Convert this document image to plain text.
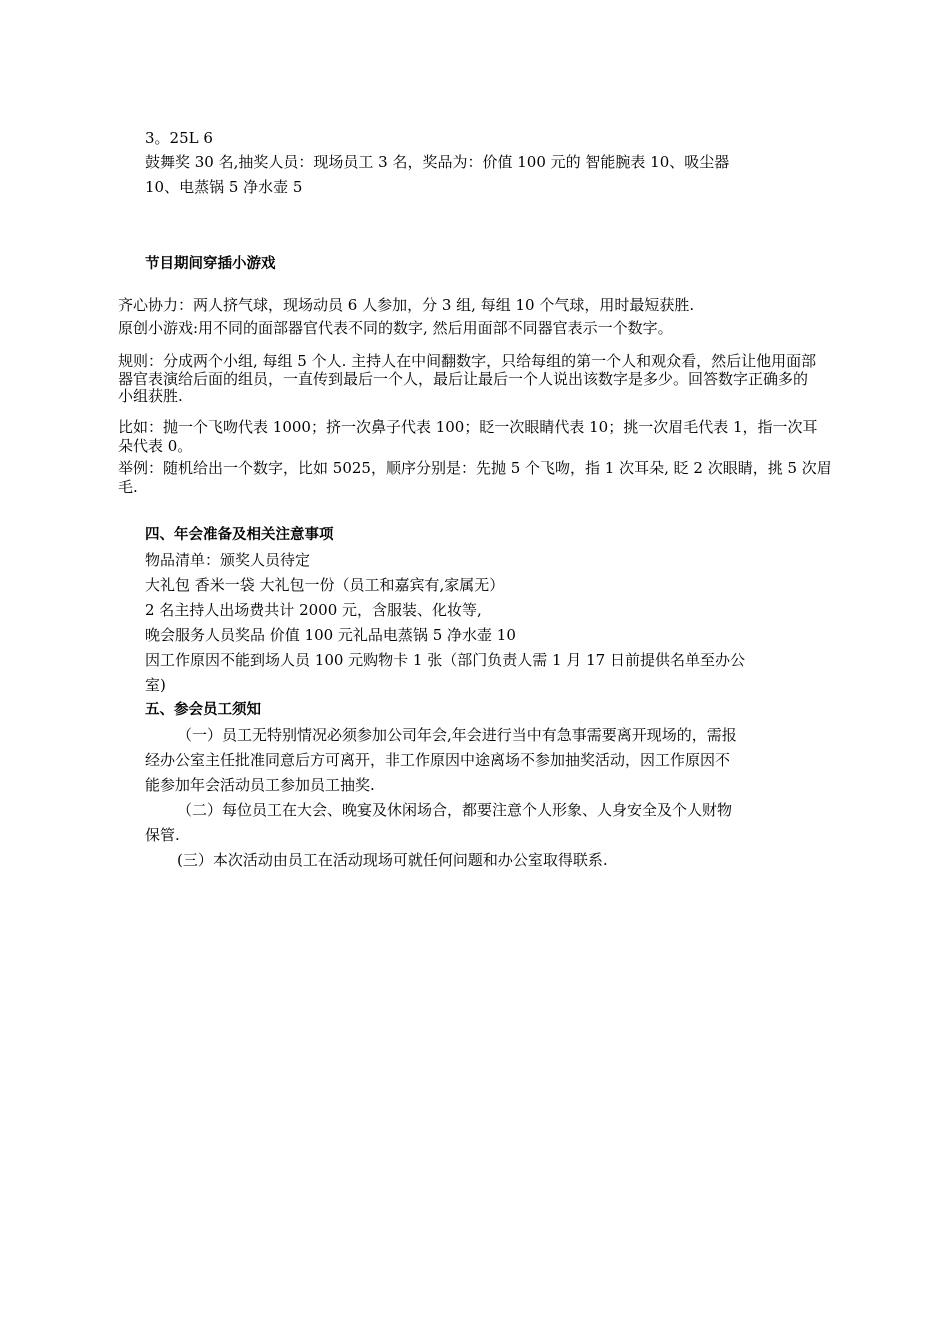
3。25L 6
鼓舞奖 30 名,抽奖人员：现场员工 3 名，奖品为：价值 100 元的 智能腕表 10、吸尘器
10、电蒸锅 5 净水壶 5
节目期间穿插小游戏
齐心协力：两人挤气球，现场动员 6 人参加，分 3 组, 每组 10 个气球，用时最短获胜.
原创小游戏:用不同的面部器官代表不同的数字, 然后用面部不同器官表示一个数字。
规则：分成两个小组, 每组 5 个人. 主持人在中间翻数字，只给每组的第一个人和观众看，然后让他用面部
器官表演给后面的组员，一直传到最后一个人，最后让最后一个人说出该数字是多少。回答数字正确多的
小组获胜.
比如：抛一个飞吻代表 1000；挤一次鼻子代表 100；眨一次眼睛代表 10；挑一次眉毛代表 1，指一次耳
朵代表 0。
举例：随机给出一个数字，比如 5025，顺序分别是：先抛 5 个飞吻，指 1 次耳朵, 眨 2 次眼睛，挑 5 次眉
毛.
四、年会准备及相关注意事项
物品清单：颁奖人员待定
大礼包 香米一袋 大礼包一份（员工和嘉宾有,家属无）
2 名主持人出场费共计 2000 元，含服装、化妆等,
晚会服务人员奖品 价值 100 元礼品电蒸锅 5 净水壶 10
因工作原因不能到场人员 100 元购物卡 1 张（部门负责人需 1 月 17 日前提供名单至办公
室)
五、参会员工须知
（一）员工无特别情况必须参加公司年会,年会进行当中有急事需要离开现场的，需报
经办公室主任批准同意后方可离开，非工作原因中途离场不参加抽奖活动，因工作原因不
能参加年会活动员工参加员工抽奖.
（二）每位员工在大会、晚宴及休闲场合，都要注意个人形象、人身安全及个人财物
保管.
(三）本次活动由员工在活动现场可就任何问题和办公室取得联系.
